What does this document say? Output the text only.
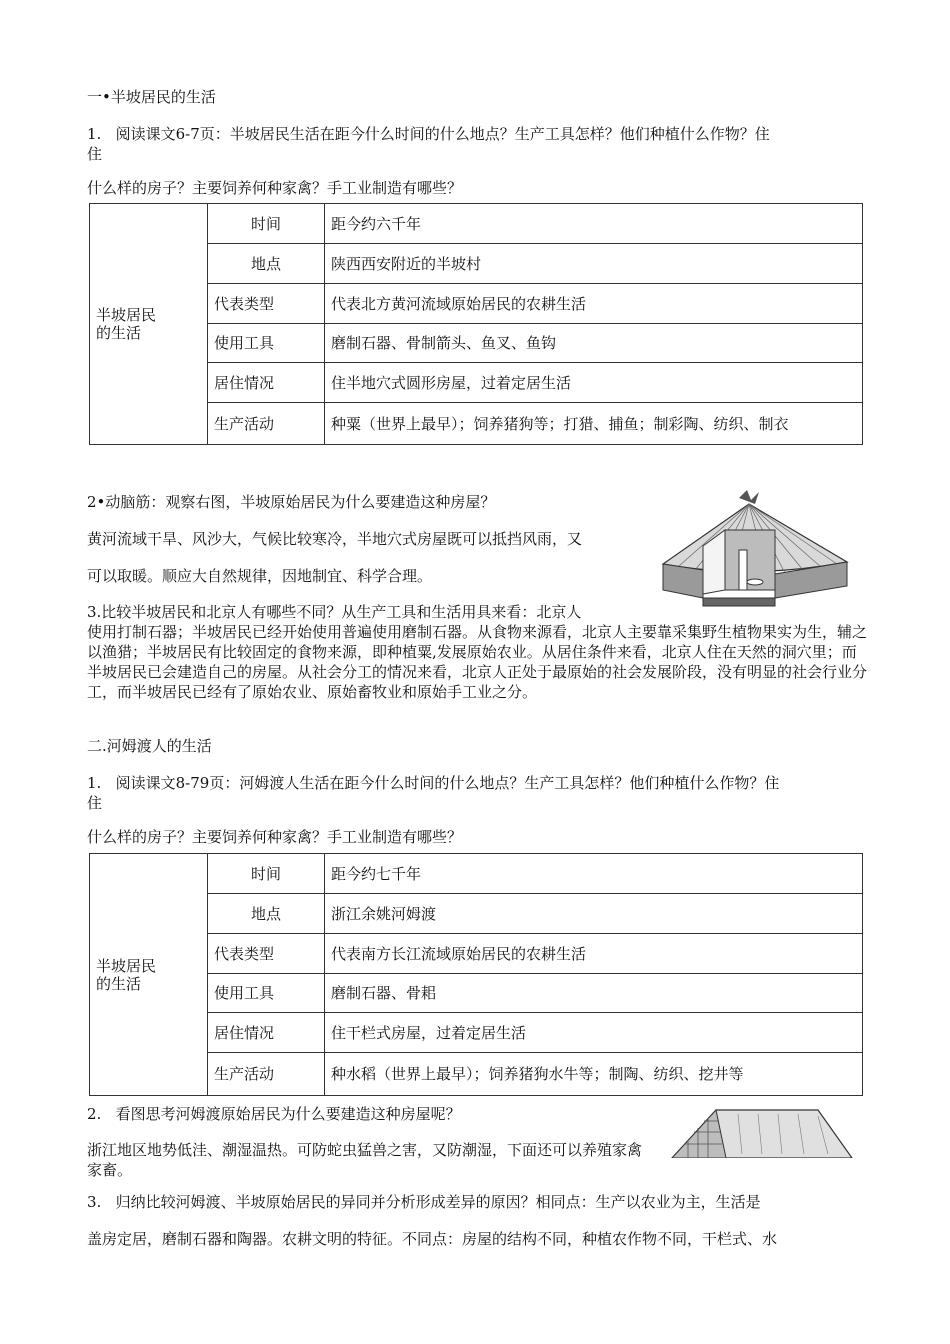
一•半坡居民的生活
1.   阅读课文6-7页：半坡居民生活在距今什么时间的什么地点？生产工具怎样？他们种植什么作物？住
住
什么样的房子？主要饲养何种家禽？手工业制造有哪些？
半坡居民
的生活	时间	距今约六千年
	地点	陕西西安附近的半坡村
	代表类型	代表北方黄河流域原始居民的农耕生活
	使用工具	磨制石器、骨制箭头、鱼叉、鱼钩
	居住情况	住半地穴式圆形房屋，过着定居生活
	生产活动	种粟（世界上最早）；饲养猪狗等；打猎、捕鱼；制彩陶、纺织、制衣
2•动脑筋：观察右图，半坡原始居民为什么要建造这种房屋？
黄河流域干旱、风沙大，气候比较寒冷，半地穴式房屋既可以抵挡风雨，又
可以取暖。顺应大自然规律，因地制宜、科学合理。
3.比较半坡居民和北京人有哪些不同？从生产工具和生活用具来看：北京人
使用打制石器；半坡居民已经开始使用普遍使用磨制石器。从食物来源看，北京人主要靠采集野生植物果实为生，辅之以渔猎；半坡居民有比较固定的食物来源，即种植粟,发展原始农业。从居住条件来看，北京人住在天然的洞穴里；而半坡居民已会建造自己的房屋。从社会分工的情况来看，北京人正处于最原始的社会发展阶段，没有明显的社会行业分工，而半坡居民已经有了原始农业、原始畜牧业和原始手工业之分。
二.河姆渡人的生活
1.   阅读课文8-79页：河姆渡人生活在距今什么时间的什么地点？生产工具怎样？他们种植什么作物？住
住
什么样的房子？主要饲养何种家禽？手工业制造有哪些？
半坡居民
的生活	时间	距今约七千年
	地点	浙江余姚河姆渡
	代表类型	代表南方长江流域原始居民的农耕生活
	使用工具	磨制石器、骨耜
	居住情况	住干栏式房屋，过着定居生活
	生产活动	种水稻（世界上最早）；饲养猪狗水牛等；制陶、纺织、挖井等
2.   看图思考河姆渡原始居民为什么要建造这种房屋呢？
浙江地区地势低洼、潮湿温热。可防蛇虫猛兽之害，又防潮湿，下面还可以养殖家禽家畜。
3.   归纳比较河姆渡、半坡原始居民的异同并分析形成差异的原因？相同点：生产以农业为主，生活是
盖房定居，磨制石器和陶器。农耕文明的特征。不同点：房屋的结构不同，种植农作物不同，干栏式、水
